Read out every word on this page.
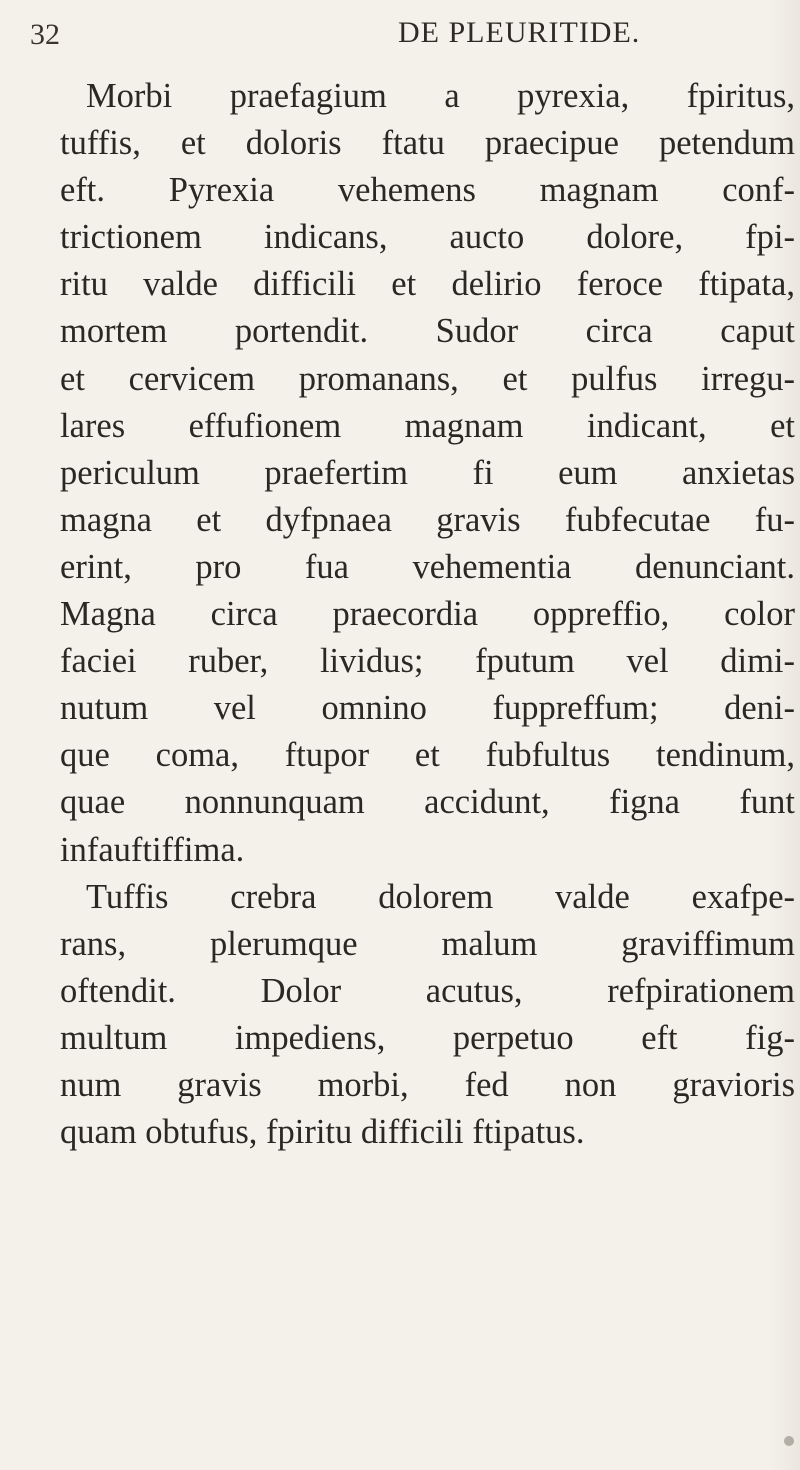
32	DE PLEURITIDE.
Morbi praefagium a pyrexia, fpiritus,
tuffis, et doloris ftatu praecipue petendum
eft. Pyrexia vehemens magnam conf-
trictionem indicans, aucto dolore, fpi-
ritu valde difficili et delirio feroce ftipata,
mortem portendit. Sudor circa caput
et cervicem promanans, et pulfus irregu-
lares effufionem magnam indicant, et
periculum praefertim fi eum anxietas
magna et dyfpnaea gravis fubfecutae fu-
erint, pro fua vehementia denunciant.
Magna circa praecordia oppreffio, color
faciei ruber, lividus; fputum vel dimi-
nutum vel omnino fuppreffum; deni-
que coma, ftupor et fubfultus tendinum,
quae nonnunquam accidunt, figna funt
infauftiffima.
Tuffis crebra dolorem valde exafpe-
rans, plerumque malum graviffimum
oftendit. Dolor acutus, refpirationem
multum impediens, perpetuo eft fig-
num gravis morbi, fed non gravioris
quam obtufus, fpiritu difficili ftipatus.
